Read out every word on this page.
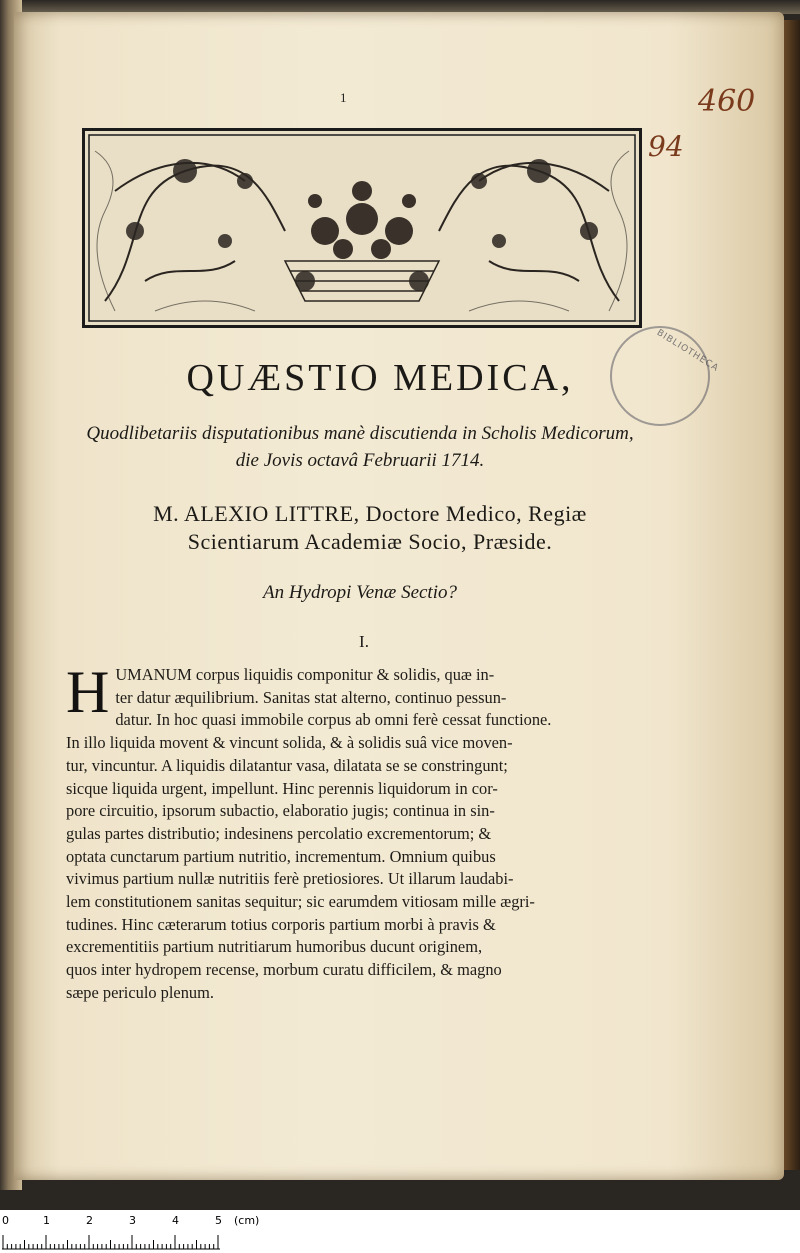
1	460
94
BIBLIOTHECA
QUÆSTIO MEDICA,
Quodlibetariis disputationibus manè discutienda in Scholis Medicorum,
die Jovis octavâ Februarii 1714.
M. ALEXIO LITTRE, Doctore Medico, Regiæ
Scientiarum Academiæ Socio, Præside.
An Hydropi Venæ Sectio?
I.
H UMANUM corpus liquidis componitur & solidis, quæ in-
ter datur æquilibrium. Sanitas stat alterno, continuo pessun-
datur. In hoc quasi immobile corpus ab omni ferè cessat functione.
In illo liquida movent & vincunt solida, & à solidis suâ vice moven-
tur, vincuntur. A liquidis dilatantur vasa, dilatata se se constringunt;
sicque liquida urgent, impellunt. Hinc perennis liquidorum in cor-
pore circuitio, ipsorum subactio, elaboratio jugis; continua in sin-
gulas partes distributio; indesinens percolatio excrementorum; &
optata cunctarum partium nutritio, incrementum. Omnium quibus
vivimus partium nullæ nutritiis ferè pretiosiores. Ut illarum laudabi-
lem constitutionem sanitas sequitur; sic earumdem vitiosam mille ægri-
tudines. Hinc cæterarum totius corporis partium morbi à pravis &
excrementitiis partium nutritiarum humoribus ducunt originem,
quos inter hydropem recense, morbum curatu difficilem, & magno
sæpe periculo plenum.
0	1	2	3	4	5 (cm)
